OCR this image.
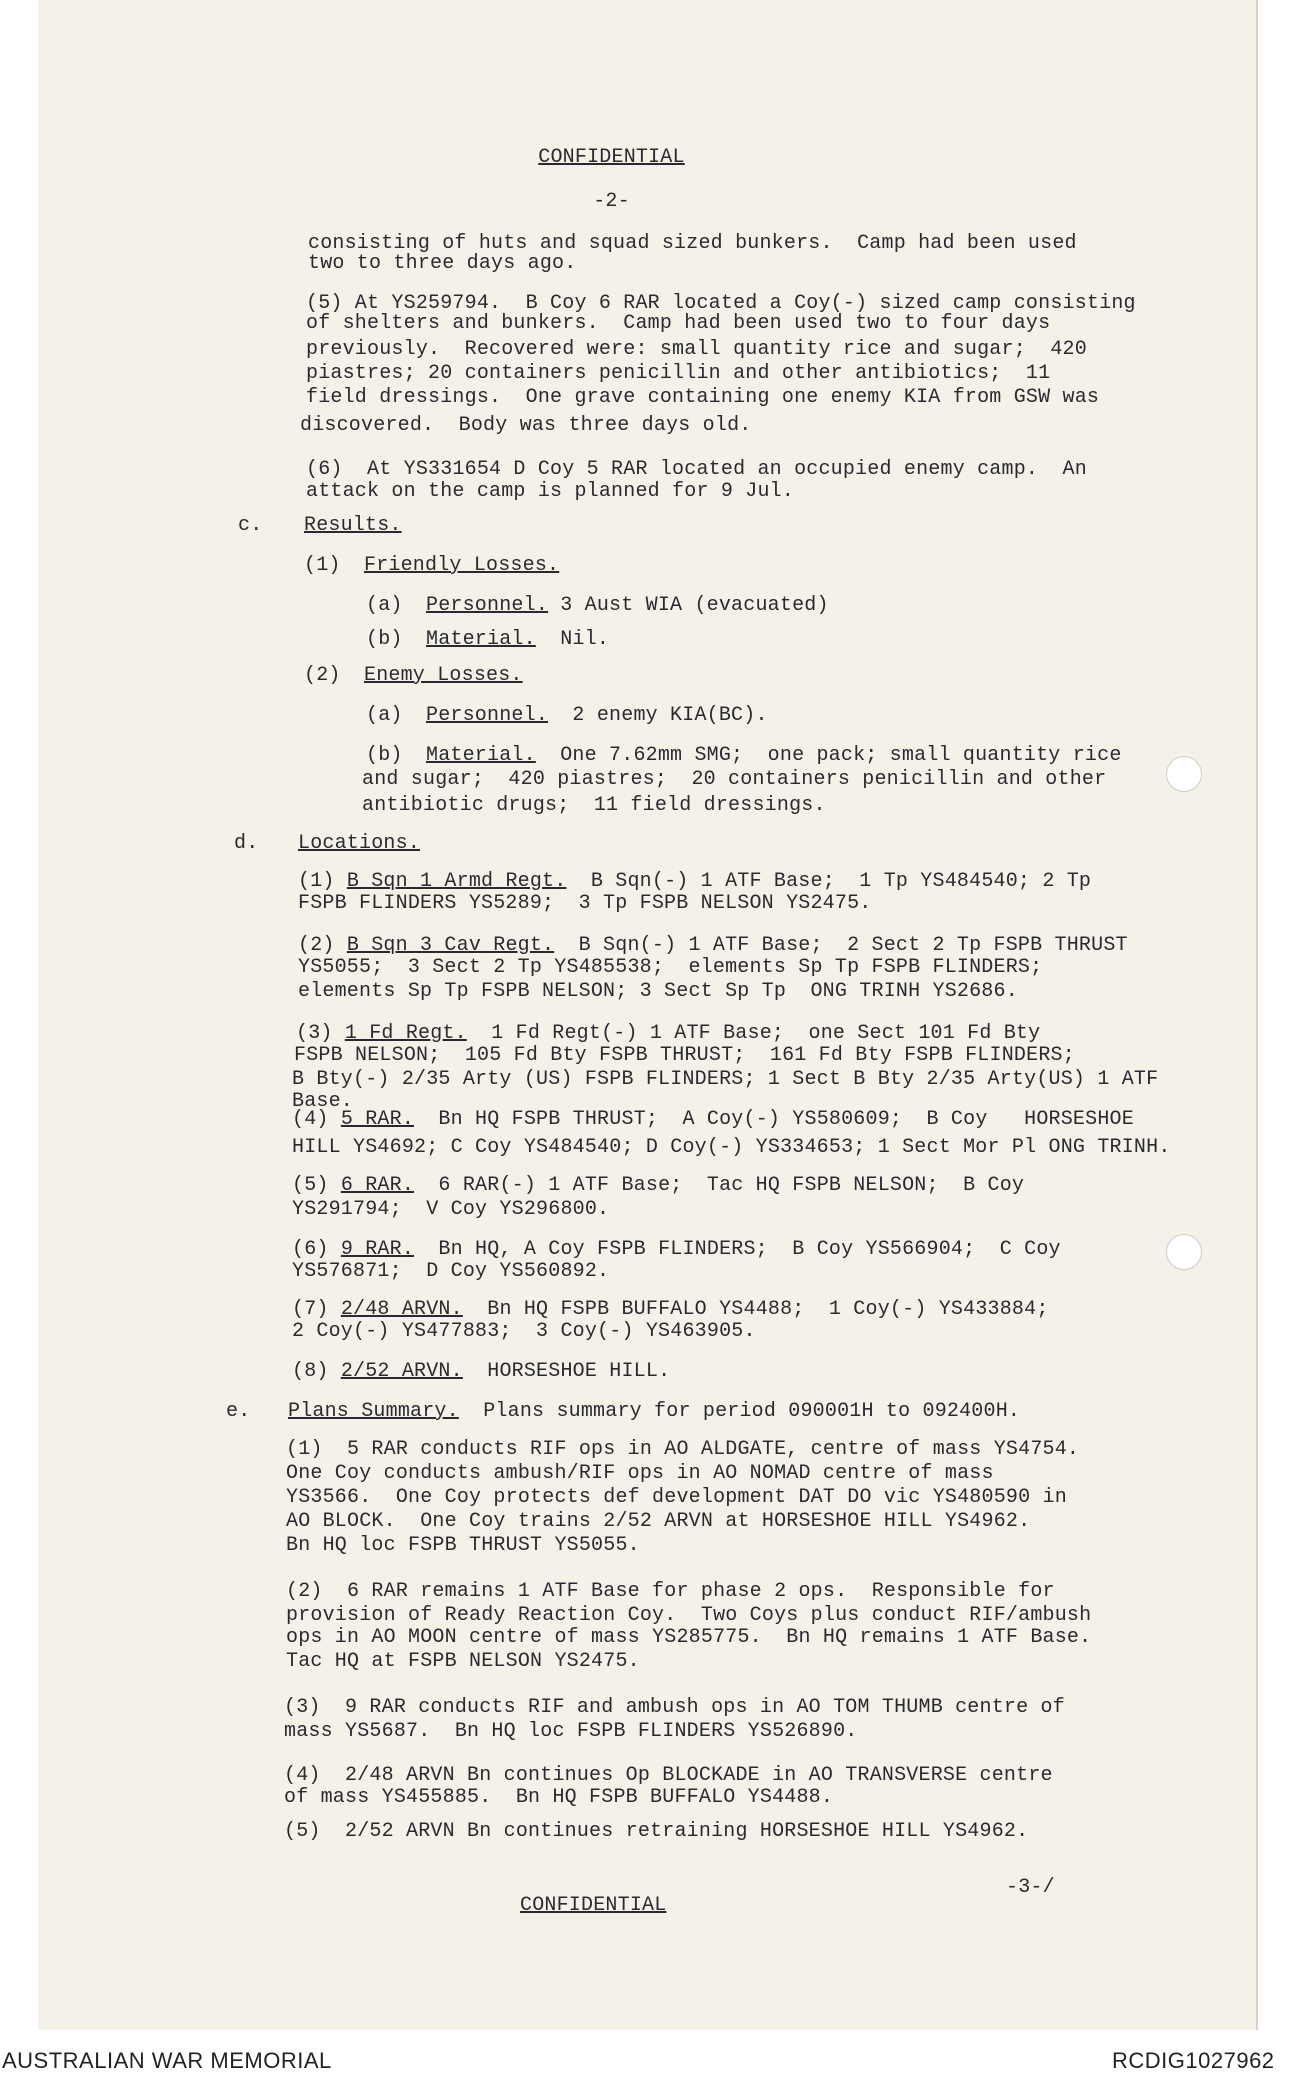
CONFIDENTIAL
-2-
consisting of huts and squad sized bunkers.  Camp had been used
two to three days ago.
(5) At YS259794.  B Coy 6 RAR located a Coy(-) sized camp consisting
of shelters and bunkers.  Camp had been used two to four days
previously.  Recovered were: small quantity rice and sugar;  420
piastres; 20 containers penicillin and other antibiotics;  11
field dressings.  One grave containing one enemy KIA from GSW was
discovered.  Body was three days old.
(6)  At YS331654 D Coy 5 RAR located an occupied enemy camp.  An
attack on the camp is planned for 9 Jul.
c. Results.
(1) Friendly Losses.
(a) Personnel. 3 Aust WIA (evacuated)
(b) Material.  Nil.
(2) Enemy Losses.
(a) Personnel.  2 enemy KIA(BC).
(b) Material.  One 7.62mm SMG;  one pack; small quantity rice
and sugar;  420 piastres;  20 containers penicillin and other
antibiotic drugs;  11 field dressings.
d. Locations.
(1) B Sqn 1 Armd Regt.  B Sqn(-) 1 ATF Base;  1 Tp YS484540; 2 Tp
FSPB FLINDERS YS5289;  3 Tp FSPB NELSON YS2475.
(2) B Sqn 3 Cav Regt.  B Sqn(-) 1 ATF Base;  2 Sect 2 Tp FSPB THRUST
YS5055;  3 Sect 2 Tp YS485538;  elements Sp Tp FSPB FLINDERS;
elements Sp Tp FSPB NELSON; 3 Sect Sp Tp  ONG TRINH YS2686.
(3) 1 Fd Regt.  1 Fd Regt(-) 1 ATF Base;  one Sect 101 Fd Bty
FSPB NELSON;  105 Fd Bty FSPB THRUST;  161 Fd Bty FSPB FLINDERS;
B Bty(-) 2/35 Arty (US) FSPB FLINDERS; 1 Sect B Bty 2/35 Arty(US) 1 ATF
Base.
(4) 5 RAR.  Bn HQ FSPB THRUST;  A Coy(-) YS580609;  B Coy   HORSESHOE
HILL YS4692; C Coy YS484540; D Coy(-) YS334653; 1 Sect Mor Pl ONG TRINH.
(5) 6 RAR.  6 RAR(-) 1 ATF Base;  Tac HQ FSPB NELSON;  B Coy
YS291794;  V Coy YS296800.
(6) 9 RAR.  Bn HQ, A Coy FSPB FLINDERS;  B Coy YS566904;  C Coy
YS576871;  D Coy YS560892.
(7) 2/48 ARVN.  Bn HQ FSPB BUFFALO YS4488;  1 Coy(-) YS433884;
2 Coy(-) YS477883;  3 Coy(-) YS463905.
(8) 2/52 ARVN.  HORSESHOE HILL.
e. Plans Summary.  Plans summary for period 090001H to 092400H.
(1)  5 RAR conducts RIF ops in AO ALDGATE, centre of mass YS4754.
One Coy conducts ambush/RIF ops in AO NOMAD centre of mass
YS3566.  One Coy protects def development DAT DO vic YS480590 in
AO BLOCK.  One Coy trains 2/52 ARVN at HORSESHOE HILL YS4962.
Bn HQ loc FSPB THRUST YS5055.
(2)  6 RAR remains 1 ATF Base for phase 2 ops.  Responsible for
provision of Ready Reaction Coy.  Two Coys plus conduct RIF/ambush
ops in AO MOON centre of mass YS285775.  Bn HQ remains 1 ATF Base.
Tac HQ at FSPB NELSON YS2475.
(3)  9 RAR conducts RIF and ambush ops in AO TOM THUMB centre of
mass YS5687.  Bn HQ loc FSPB FLINDERS YS526890.
(4)  2/48 ARVN Bn continues Op BLOCKADE in AO TRANSVERSE centre
of mass YS455885.  Bn HQ FSPB BUFFALO YS4488.
(5)  2/52 ARVN Bn continues retraining HORSESHOE HILL YS4962.
-3-/
CONFIDENTIAL
AUSTRALIAN WAR MEMORIAL	RCDIG1027962
